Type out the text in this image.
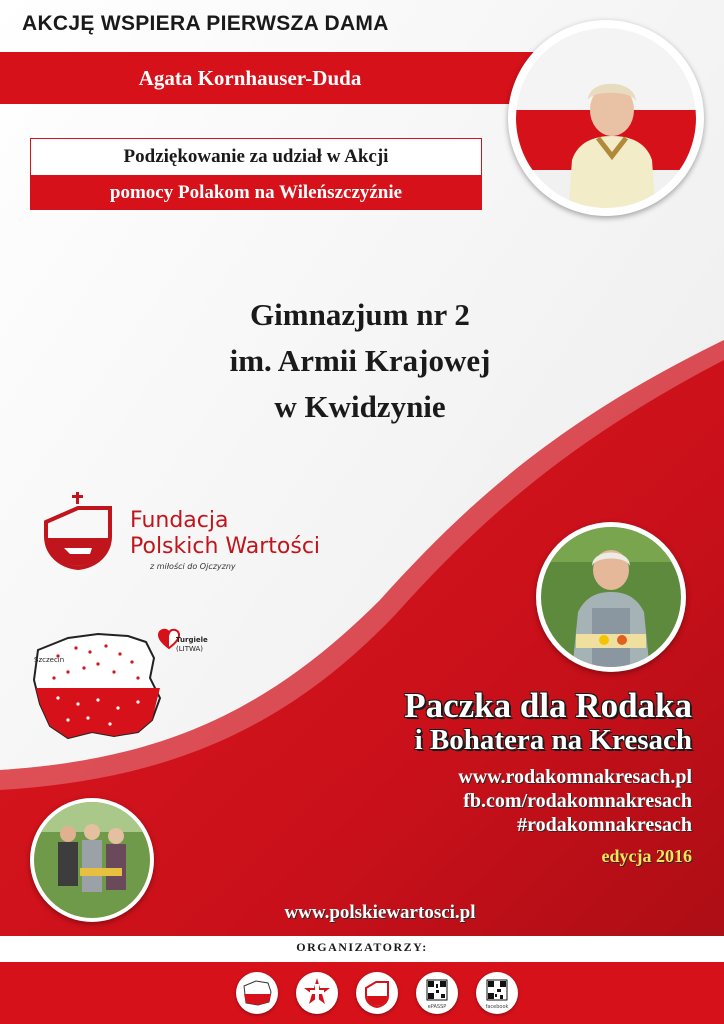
AKCJĘ WSPIERA PIERWSZA DAMA
Agata Kornhauser-Duda
Podziękowanie za udział w Akcji
pomocy Polakom na Wileńszczyźnie
Gimnazjum nr 2
im. Armii Krajowej
w Kwidzynie
Fundacja
Polskich Wartości
z miłości do Ojczyzny
Szczecin
Turgiele
(LITWA)
Paczka dla Rodaka
i Bohatera na Kresach
www.rodakomnakresach.pl
fb.com/rodakomnakresach
#rodakomnakresach
edycja 2016
www.polskiewartosci.pl
ORGANIZATORZY:
ePASSP	facebook
